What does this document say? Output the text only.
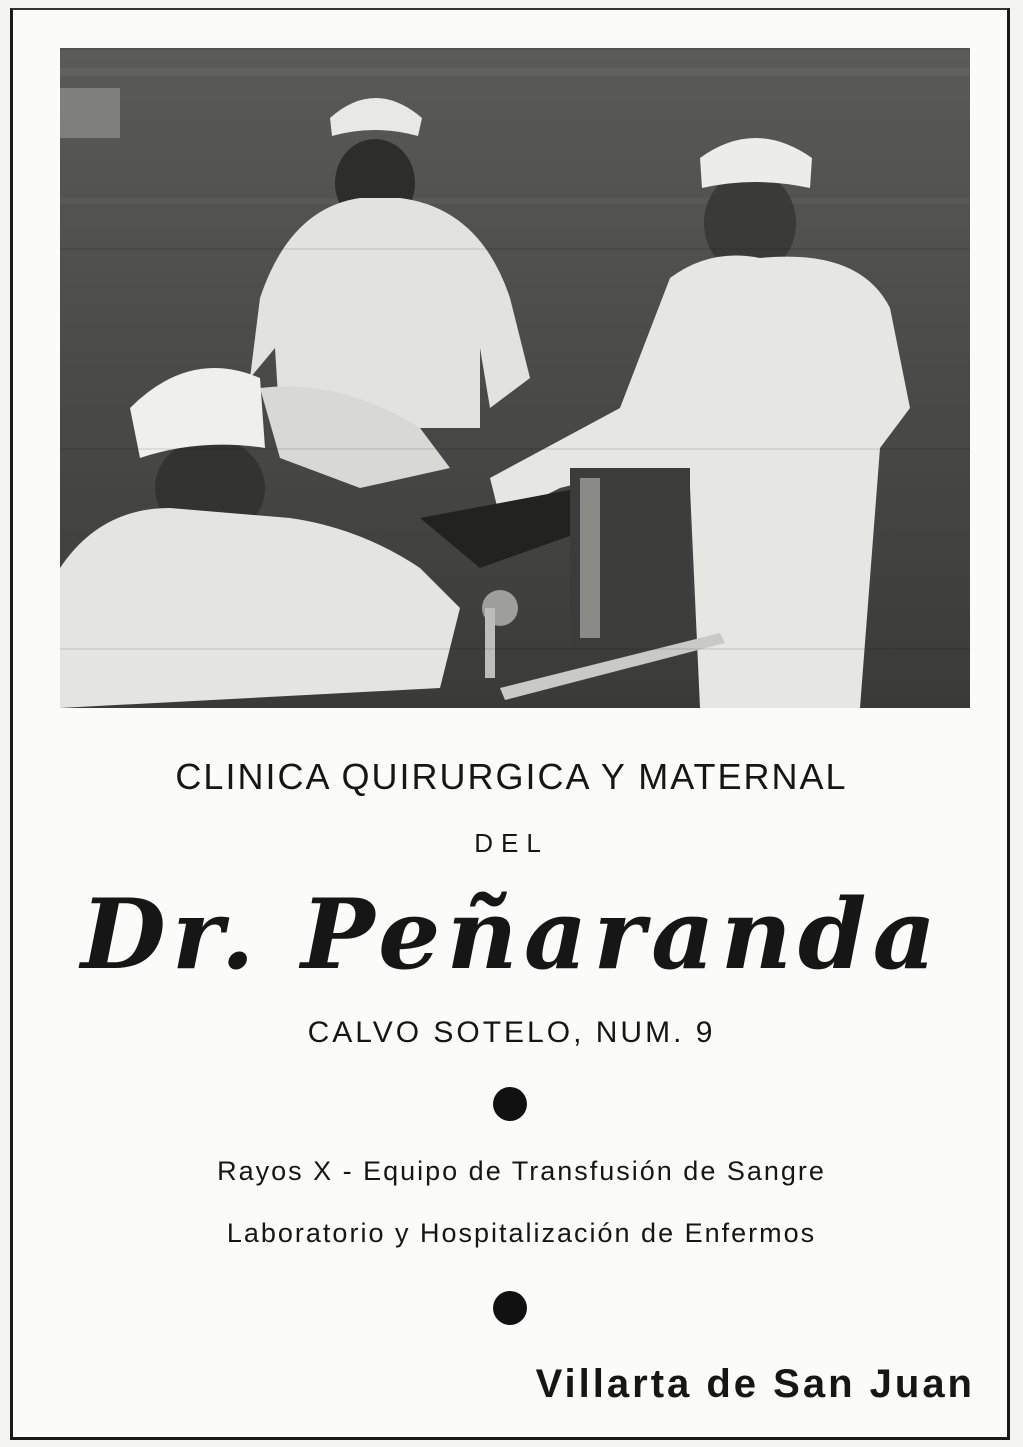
CLINICA QUIRURGICA Y MATERNAL
DEL
Dr. Peñaranda
CALVO SOTELO, NUM. 9
Rayos X - Equipo de Transfusión de Sangre
Laboratorio y Hospitalización de Enfermos
Villarta de San Juan
